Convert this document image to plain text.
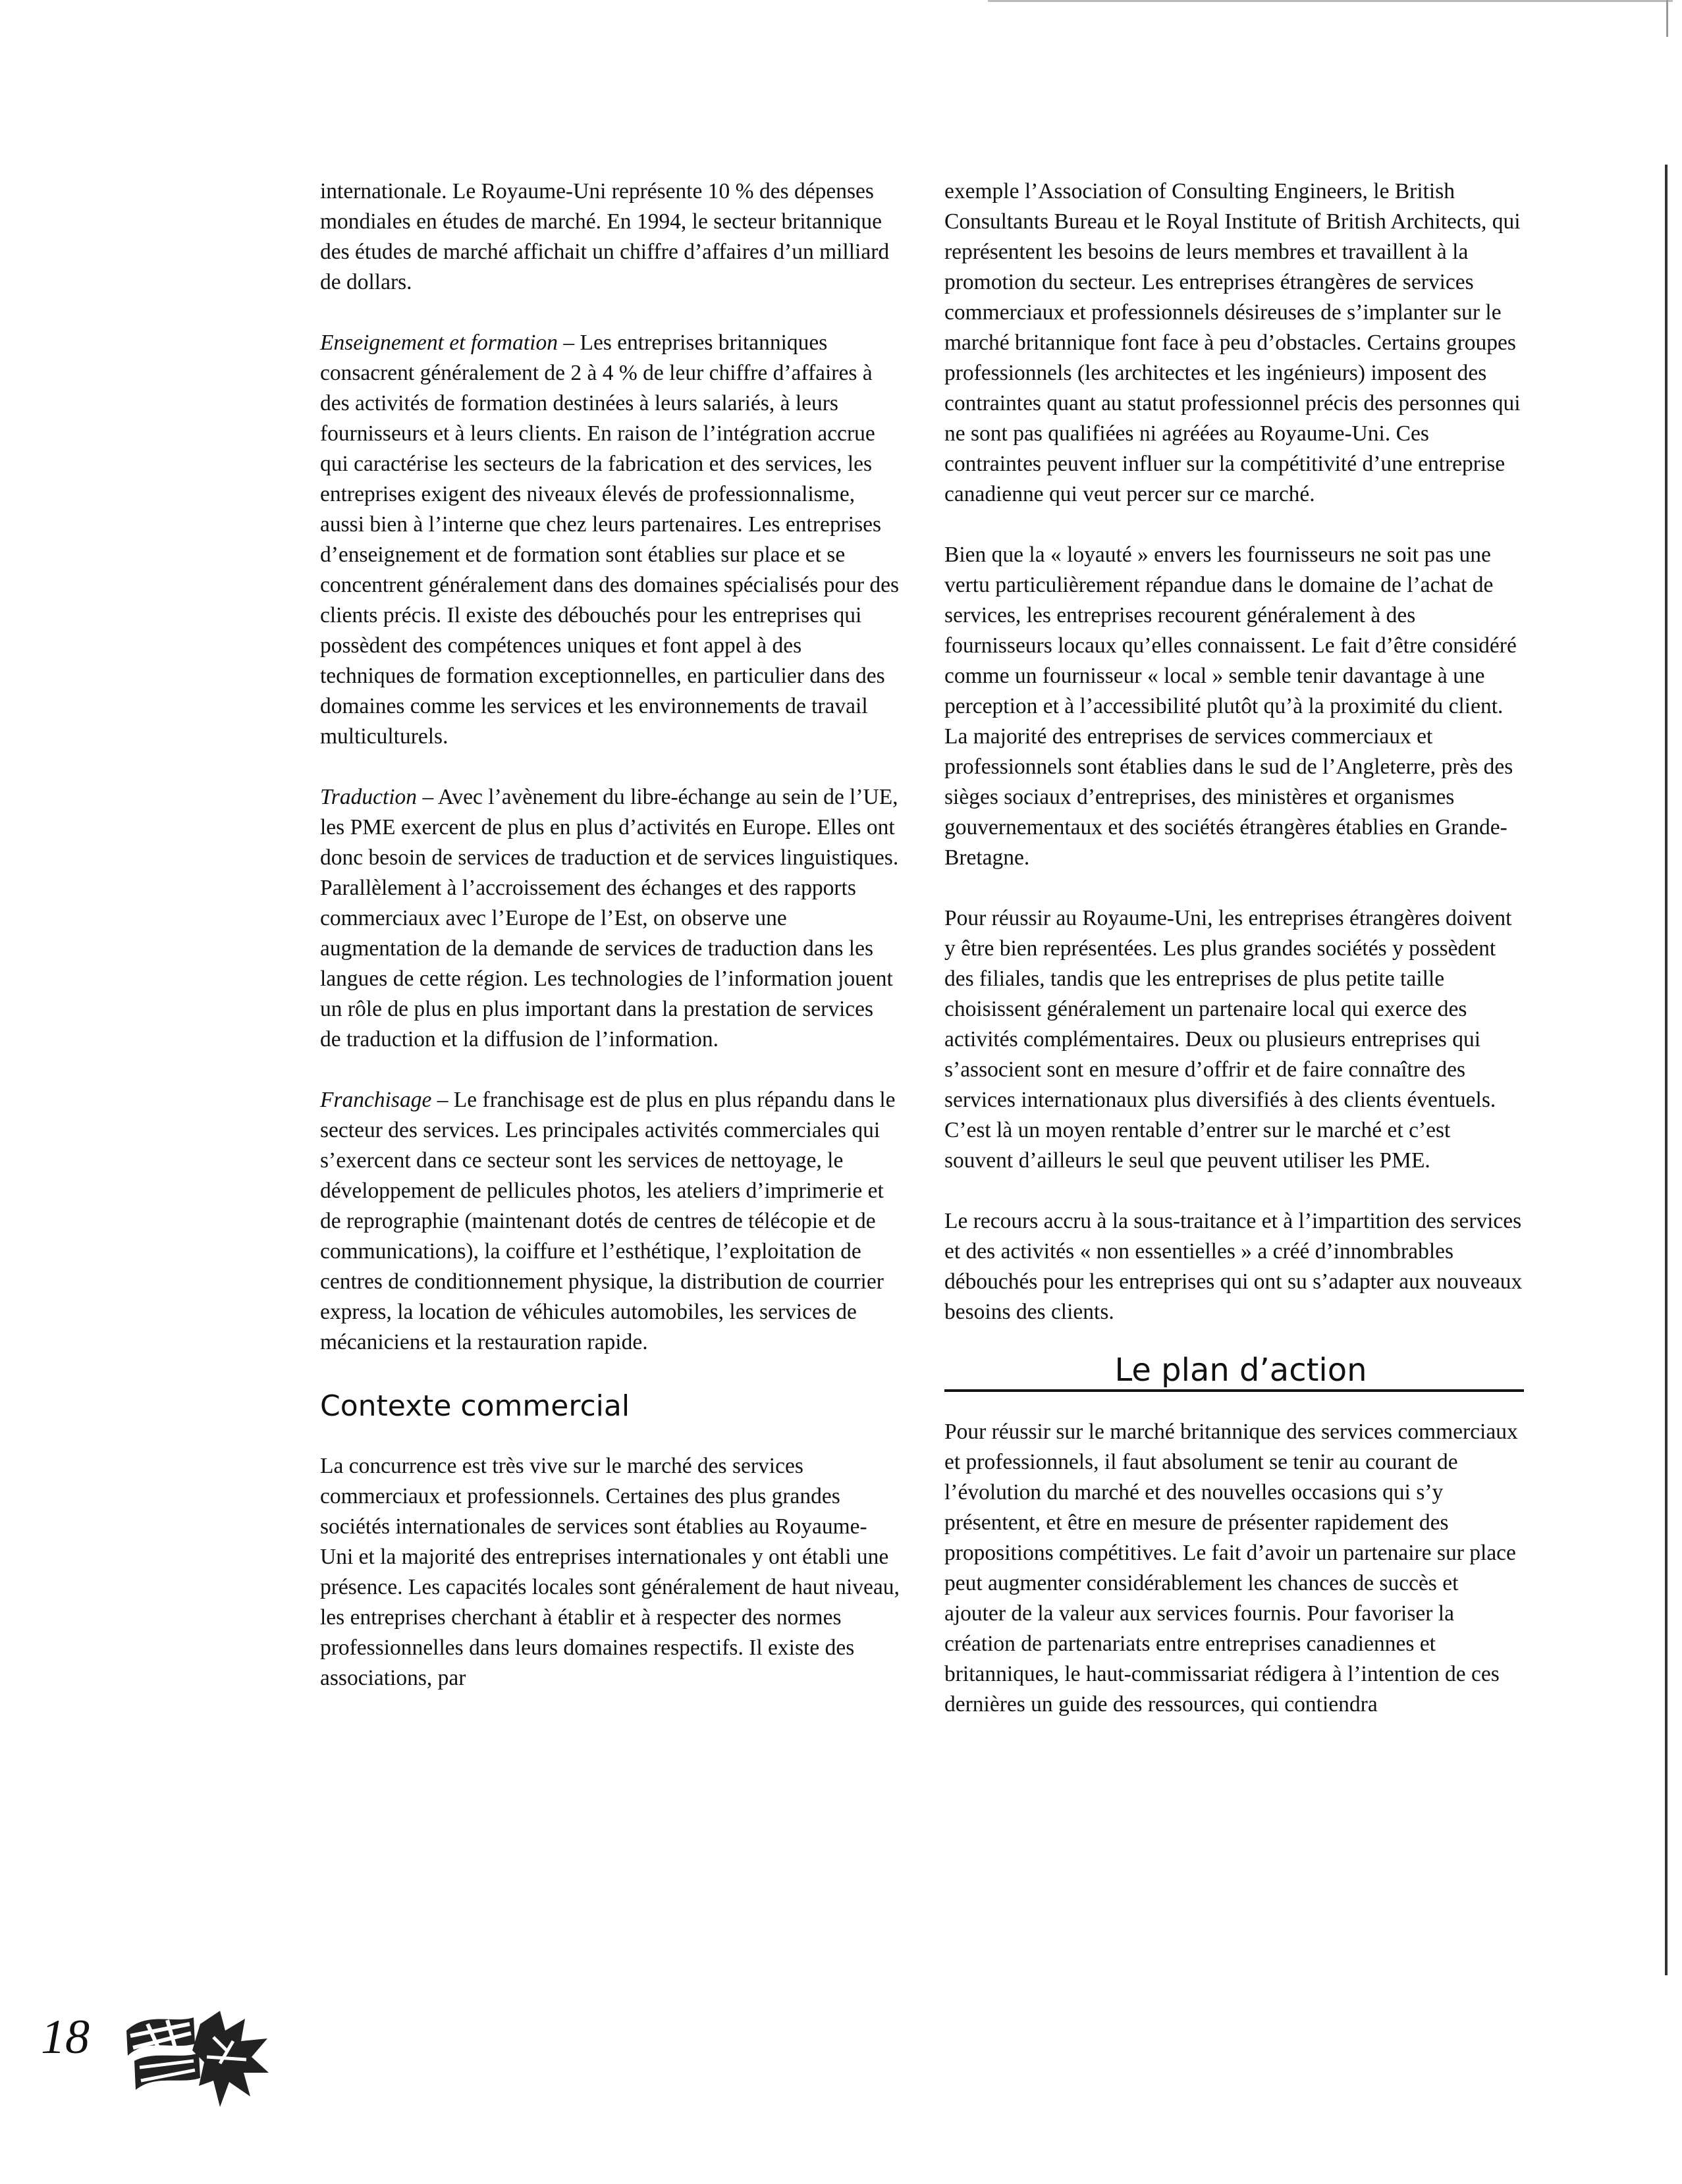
internationale. Le Royaume-Uni représente 10 % des dépenses mondiales en études de marché. En 1994, le secteur britannique des études de marché affichait un chiffre d’affaires d’un milliard de dollars.

Enseignement et formation – Les entreprises britanniques consacrent généralement de 2 à 4 % de leur chiffre d’affaires à des activités de formation destinées à leurs salariés, à leurs fournisseurs et à leurs clients. En raison de l’intégration accrue qui caractérise les secteurs de la fabrication et des services, les entreprises exigent des niveaux élevés de professionnalisme, aussi bien à l’interne que chez leurs partenaires. Les entreprises d’enseignement et de formation sont établies sur place et se concentrent généralement dans des domaines spécialisés pour des clients précis. Il existe des débouchés pour les entreprises qui possèdent des compétences uniques et font appel à des techniques de formation exceptionnelles, en particulier dans des domaines comme les services et les environnements de travail multiculturels.

Traduction – Avec l’avènement du libre-échange au sein de l’UE, les PME exercent de plus en plus d’activités en Europe. Elles ont donc besoin de services de traduction et de services linguistiques. Parallèlement à l’accroissement des échanges et des rapports commerciaux avec l’Europe de l’Est, on observe une augmentation de la demande de services de traduction dans les langues de cette région. Les technologies de l’information jouent un rôle de plus en plus important dans la prestation de services de traduction et la diffusion de l’information.

Franchisage – Le franchisage est de plus en plus répandu dans le secteur des services. Les principales activités commerciales qui s’exercent dans ce secteur sont les services de nettoyage, le développement de pellicules photos, les ateliers d’imprimerie et de reprographie (maintenant dotés de centres de télécopie et de communications), la coiffure et l’esthétique, l’exploitation de centres de conditionnement physique, la distribution de courrier express, la location de véhicules automobiles, les services de mécaniciens et la restauration rapide.

Contexte commercial

La concurrence est très vive sur le marché des services commerciaux et professionnels. Certaines des plus grandes sociétés internationales de services sont établies au Royaume-Uni et la majorité des entreprises internationales y ont établi une présence. Les capacités locales sont généralement de haut niveau, les entreprises cherchant à établir et à respecter des normes professionnelles dans leurs domaines respectifs. Il existe des associations, par

exemple l’Association of Consulting Engineers, le British Consultants Bureau et le Royal Institute of British Architects, qui représentent les besoins de leurs membres et travaillent à la promotion du secteur. Les entreprises étrangères de services commerciaux et professionnels désireuses de s’implanter sur le marché britannique font face à peu d’obstacles. Certains groupes professionnels (les architectes et les ingénieurs) imposent des contraintes quant au statut professionnel précis des personnes qui ne sont pas qualifiées ni agréées au Royaume-Uni. Ces contraintes peuvent influer sur la compétitivité d’une entreprise canadienne qui veut percer sur ce marché.

Bien que la « loyauté » envers les fournisseurs ne soit pas une vertu particulièrement répandue dans le domaine de l’achat de services, les entreprises recourent généralement à des fournisseurs locaux qu’elles connaissent. Le fait d’être considéré comme un fournisseur « local » semble tenir davantage à une perception et à l’accessibilité plutôt qu’à la proximité du client. La majorité des entreprises de services commerciaux et professionnels sont établies dans le sud de l’Angleterre, près des sièges sociaux d’entreprises, des ministères et organismes gouvernementaux et des sociétés étrangères établies en Grande-Bretagne.

Pour réussir au Royaume-Uni, les entreprises étrangères doivent y être bien représentées. Les plus grandes sociétés y possèdent des filiales, tandis que les entreprises de plus petite taille choisissent généralement un partenaire local qui exerce des activités complémentaires. Deux ou plusieurs entreprises qui s’associent sont en mesure d’offrir et de faire connaître des services internationaux plus diversifiés à des clients éventuels. C’est là un moyen rentable d’entrer sur le marché et c’est souvent d’ailleurs le seul que peuvent utiliser les PME.

Le recours accru à la sous-traitance et à l’impartition des services et des activités « non essentielles » a créé d’innombrables débouchés pour les entreprises qui ont su s’adapter aux nouveaux besoins des clients.

Le plan d’action

Pour réussir sur le marché britannique des services commerciaux et professionnels, il faut absolument se tenir au courant de l’évolution du marché et des nouvelles occasions qui s’y présentent, et être en mesure de présenter rapidement des propositions compétitives. Le fait d’avoir un partenaire sur place peut augmenter considérablement les chances de succès et ajouter de la valeur aux services fournis. Pour favoriser la création de partenariats entre entreprises canadiennes et britanniques, le haut-commissariat rédigera à l’intention de ces dernières un guide des ressources, qui contiendra

18
